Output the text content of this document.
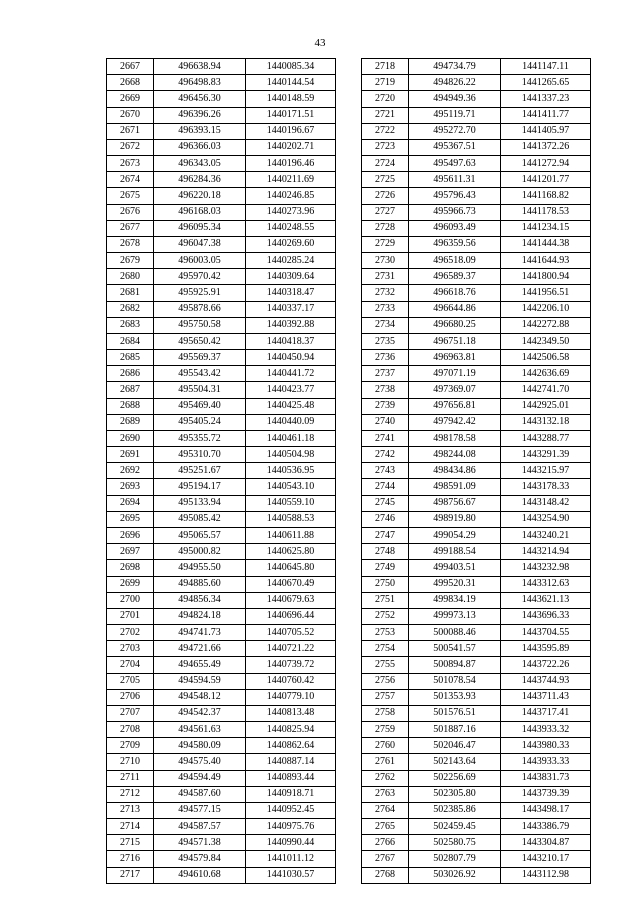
43
2667	496638.94	1440085.34
2668	496498.83	1440144.54
2669	496456.30	1440148.59
2670	496396.26	1440171.51
2671	496393.15	1440196.67
2672	496366.03	1440202.71
2673	496343.05	1440196.46
2674	496284.36	1440211.69
2675	496220.18	1440246.85
2676	496168.03	1440273.96
2677	496095.34	1440248.55
2678	496047.38	1440269.60
2679	496003.05	1440285.24
2680	495970.42	1440309.64
2681	495925.91	1440318.47
2682	495878.66	1440337.17
2683	495750.58	1440392.88
2684	495650.42	1440418.37
2685	495569.37	1440450.94
2686	495543.42	1440441.72
2687	495504.31	1440423.77
2688	495469.40	1440425.48
2689	495405.24	1440440.09
2690	495355.72	1440461.18
2691	495310.70	1440504.98
2692	495251.67	1440536.95
2693	495194.17	1440543.10
2694	495133.94	1440559.10
2695	495085.42	1440588.53
2696	495065.57	1440611.88
2697	495000.82	1440625.80
2698	494955.50	1440645.80
2699	494885.60	1440670.49
2700	494856.34	1440679.63
2701	494824.18	1440696.44
2702	494741.73	1440705.52
2703	494721.66	1440721.22
2704	494655.49	1440739.72
2705	494594.59	1440760.42
2706	494548.12	1440779.10
2707	494542.37	1440813.48
2708	494561.63	1440825.94
2709	494580.09	1440862.64
2710	494575.40	1440887.14
2711	494594.49	1440893.44
2712	494587.60	1440918.71
2713	494577.15	1440952.45
2714	494587.57	1440975.76
2715	494571.38	1440990.44
2716	494579.84	1441011.12
2717	494610.68	1441030.57
2718	494734.79	1441147.11
2719	494826.22	1441265.65
2720	494949.36	1441337.23
2721	495119.71	1441411.77
2722	495272.70	1441405.97
2723	495367.51	1441372.26
2724	495497.63	1441272.94
2725	495611.31	1441201.77
2726	495796.43	1441168.82
2727	495966.73	1441178.53
2728	496093.49	1441234.15
2729	496359.56	1441444.38
2730	496518.09	1441644.93
2731	496589.37	1441800.94
2732	496618.76	1441956.51
2733	496644.86	1442206.10
2734	496680.25	1442272.88
2735	496751.18	1442349.50
2736	496963.81	1442506.58
2737	497071.19	1442636.69
2738	497369.07	1442741.70
2739	497656.81	1442925.01
2740	497942.42	1443132.18
2741	498178.58	1443288.77
2742	498244.08	1443291.39
2743	498434.86	1443215.97
2744	498591.09	1443178.33
2745	498756.67	1443148.42
2746	498919.80	1443254.90
2747	499054.29	1443240.21
2748	499188.54	1443214.94
2749	499403.51	1443232.98
2750	499520.31	1443312.63
2751	499834.19	1443621.13
2752	499973.13	1443696.33
2753	500088.46	1443704.55
2754	500541.57	1443595.89
2755	500894.87	1443722.26
2756	501078.54	1443744.93
2757	501353.93	1443711.43
2758	501576.51	1443717.41
2759	501887.16	1443933.32
2760	502046.47	1443980.33
2761	502143.64	1443933.33
2762	502256.69	1443831.73
2763	502305.80	1443739.39
2764	502385.86	1443498.17
2765	502459.45	1443386.79
2766	502580.75	1443304.87
2767	502807.79	1443210.17
2768	503026.92	1443112.98
